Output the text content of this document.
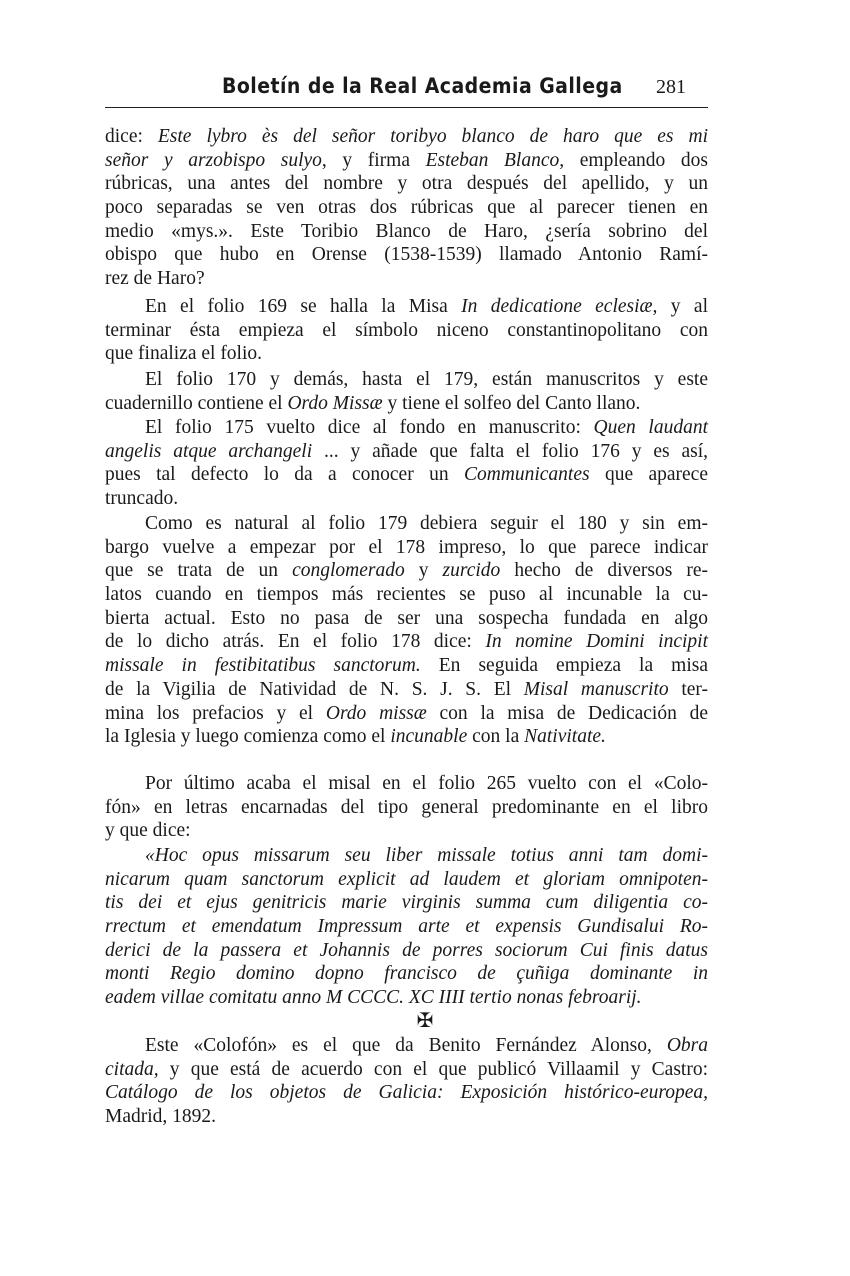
Boletín de la Real Academia Gallega 281
dice: Este lybro ès del señor toribyo blanco de haro que es mi
señor y arzobispo sulyo, y firma Esteban Blanco, empleando dos
rúbricas, una antes del nombre y otra después del apellido, y un
poco separadas se ven otras dos rúbricas que al parecer tienen en
medio «mys.». Este Toribio Blanco de Haro, ¿sería sobrino del
obispo que hubo en Orense (1538-1539) llamado Antonio Ramí-
rez de Haro?
En el folio 169 se halla la Misa In dedicatione eclesiæ, y al
terminar ésta empieza el símbolo niceno constantinopolitano con
que finaliza el folio.
El folio 170 y demás, hasta el 179, están manuscritos y este
cuadernillo contiene el Ordo Missæ y tiene el solfeo del Canto llano.
El folio 175 vuelto dice al fondo en manuscrito: Quen laudant
angelis atque archangeli ... y añade que falta el folio 176 y es así,
pues tal defecto lo da a conocer un Communicantes que aparece
truncado.
Como es natural al folio 179 debiera seguir el 180 y sin em-
bargo vuelve a empezar por el 178 impreso, lo que parece indicar
que se trata de un conglomerado y zurcido hecho de diversos re-
latos cuando en tiempos más recientes se puso al incunable la cu-
bierta actual. Esto no pasa de ser una sospecha fundada en algo
de lo dicho atrás. En el folio 178 dice: In nomine Domini incipit
missale in festibitatibus sanctorum. En seguida empieza la misa
de la Vigilia de Natividad de N. S. J. S. El Misal manuscrito ter-
mina los prefacios y el Ordo missæ con la misa de Dedicación de
la Iglesia y luego comienza como el incunable con la Nativitate.
Por último acaba el misal en el folio 265 vuelto con el «Colo-
fón» en letras encarnadas del tipo general predominante en el libro
y que dice:
«Hoc opus missarum seu liber missale totius anni tam domi-
nicarum quam sanctorum explicit ad laudem et gloriam omnipoten-
tis dei et ejus genitricis marie virginis summa cum diligentia co-
rrectum et emendatum Impressum arte et expensis Gundisalui Ro-
derici de la passera et Johannis de porres sociorum Cui finis datus
monti Regio domino dopno francisco de çuñiga dominante in
eadem villae comitatu anno M CCCC. XC IIII tertio nonas febroarij.
Este «Colofón» es el que da Benito Fernández Alonso, Obra
citada, y que está de acuerdo con el que publicó Villaamil y Castro:
Catálogo de los objetos de Galicia: Exposición histórico-europea,
Madrid, 1892.
✠
